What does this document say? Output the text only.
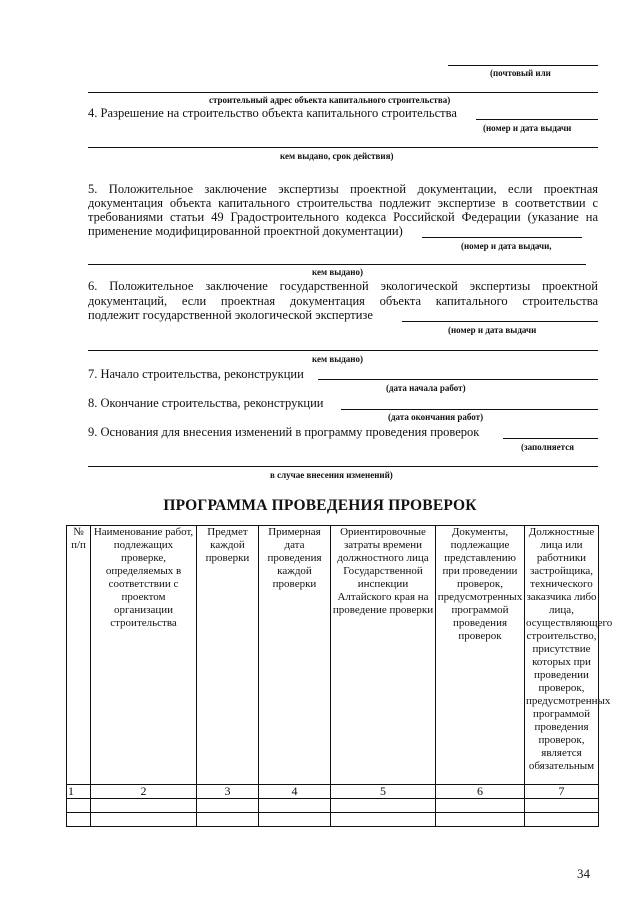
(почтовый или
строительный адрес объекта капитального строительства)
4. Разрешение на строительство объекта капитального строительства
(номер и дата выдачи
кем выдано, срок действия)
5. Положительное заключение экспертизы проектной документации, если проектная
документация объекта капитального строительства подлежит экспертизе в соответствии с
требованиями статьи 49 Градостроительного кодекса Российской Федерации (указание на
применение модифицированной проектной документации)
(номер и дата выдачи,
кем выдано)
6. Положительное заключение государственной экологической экспертизы проектной
документаций, если проектная документация объекта капитального строительства
подлежит государственной экологической экспертизе
(номер и дата выдачи
кем выдано)
7. Начало строительства, реконструкции
(дата начала работ)
8. Окончание строительства, реконструкции
(дата окончания работ)
9. Основания для внесения изменений в программу проведения проверок
(заполняется
в случае внесения изменений)
ПРОГРАММА ПРОВЕДЕНИЯ ПРОВЕРОК
№ п/п	Наименование работ, подлежащих проверке, определяемых в соответствии с проектом организации строительства	Предмет каждой проверки	Примерная дата проведения каждой проверки	Ориентировочные затраты времени должностного лица Государственной инспекции Алтайского края на проведение проверки	Документы, подлежащие представлению при проведении проверок, предусмотренных программой проведения проверок	Должностные лица или работники застройщика, технического заказчика либо лица, осуществляющего строительство, присутствие которых при проведении проверок, предусмотренных программой проведения проверок, является обязательным
1	2	3	4	5	6	7

34
